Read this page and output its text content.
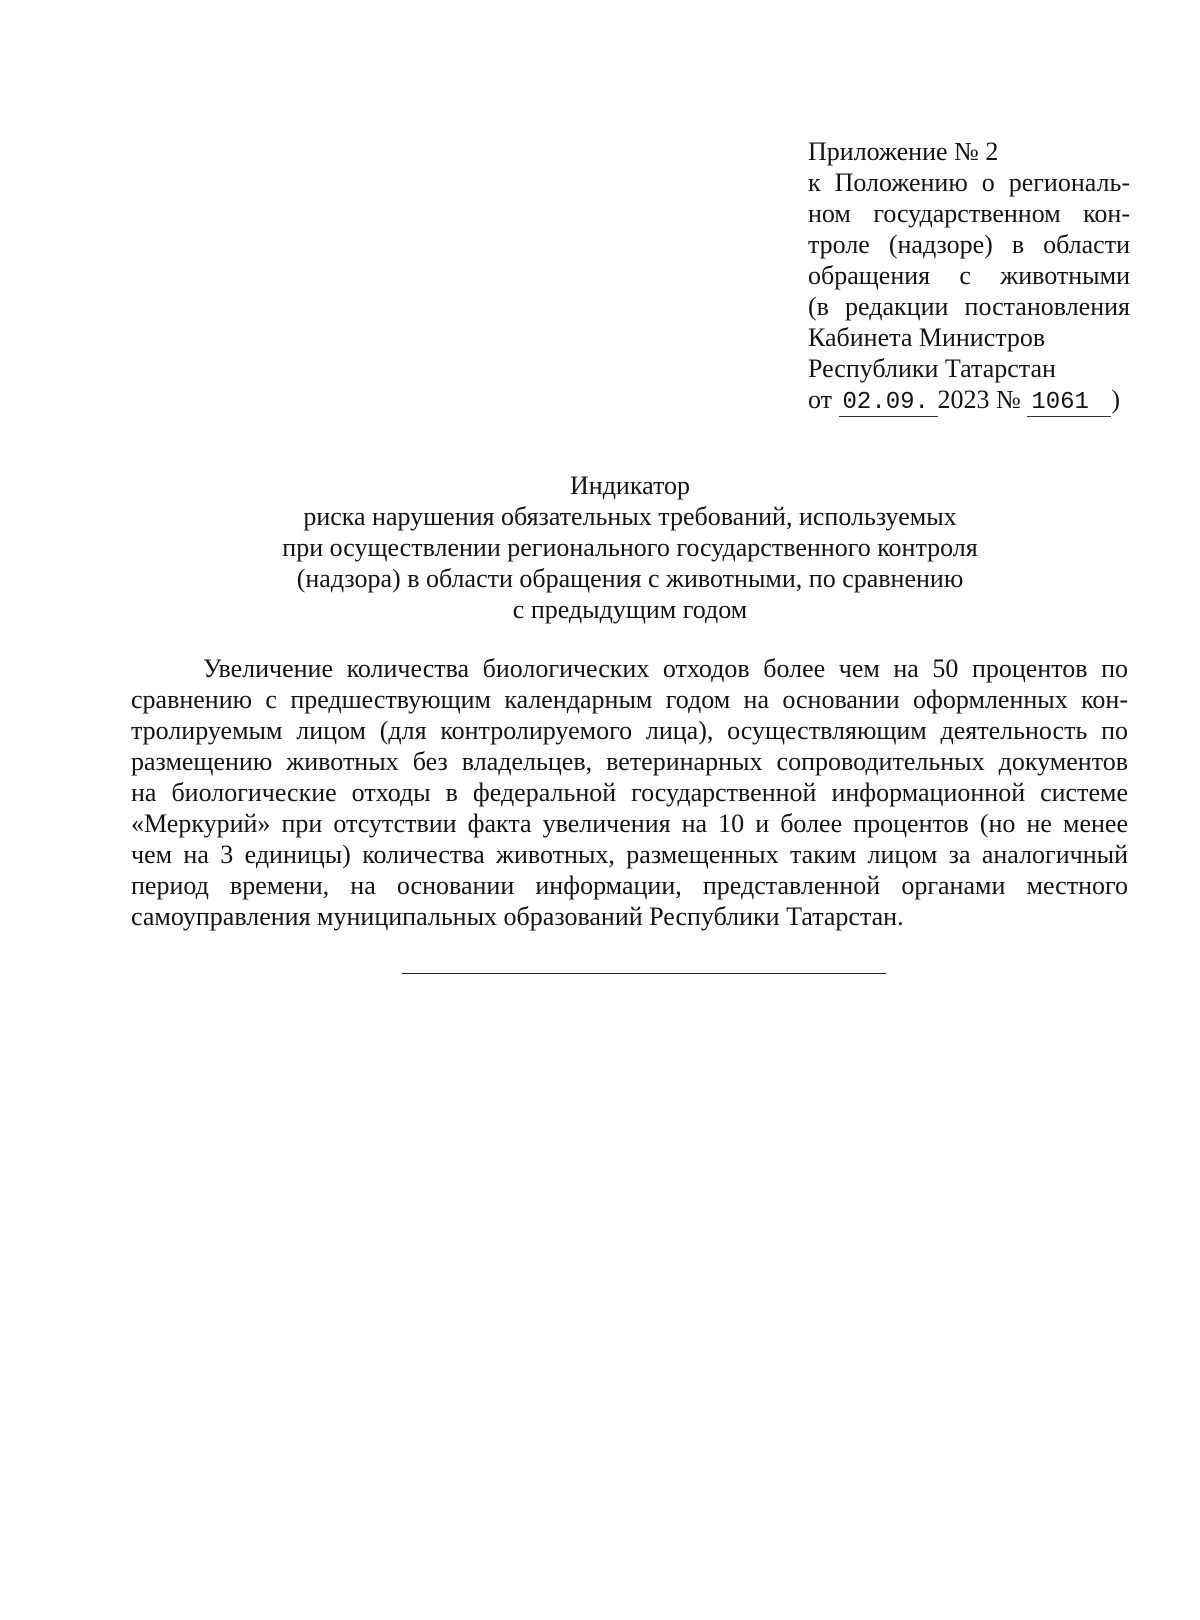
Приложение № 2
к Положению о региональ-
ном государственном кон-
троле (надзоре) в области
обращения с животными
(в редакции постановления
Кабинета Министров
Республики Татарстан
от 02.09. 2023 № 1061 )
Индикатор
риска нарушения обязательных требований, используемых
при осуществлении регионального государственного контроля
(надзора) в области обращения с животными, по сравнению
с предыдущим годом
Увеличение количества биологических отходов более чем на 50 процентов по
сравнению с предшествующим календарным годом на основании оформленных кон-
тролируемым лицом (для контролируемого лица), осуществляющим деятельность по
размещению животных без владельцев, ветеринарных сопроводительных документов
на биологические отходы в федеральной государственной информационной системе
«Меркурий» при отсутствии факта увеличения на 10 и более процентов (но не менее
чем на 3 единицы) количества животных, размещенных таким лицом за аналогичный
период времени, на основании информации, представленной органами местного
самоуправления муниципальных образований Республики Татарстан.
